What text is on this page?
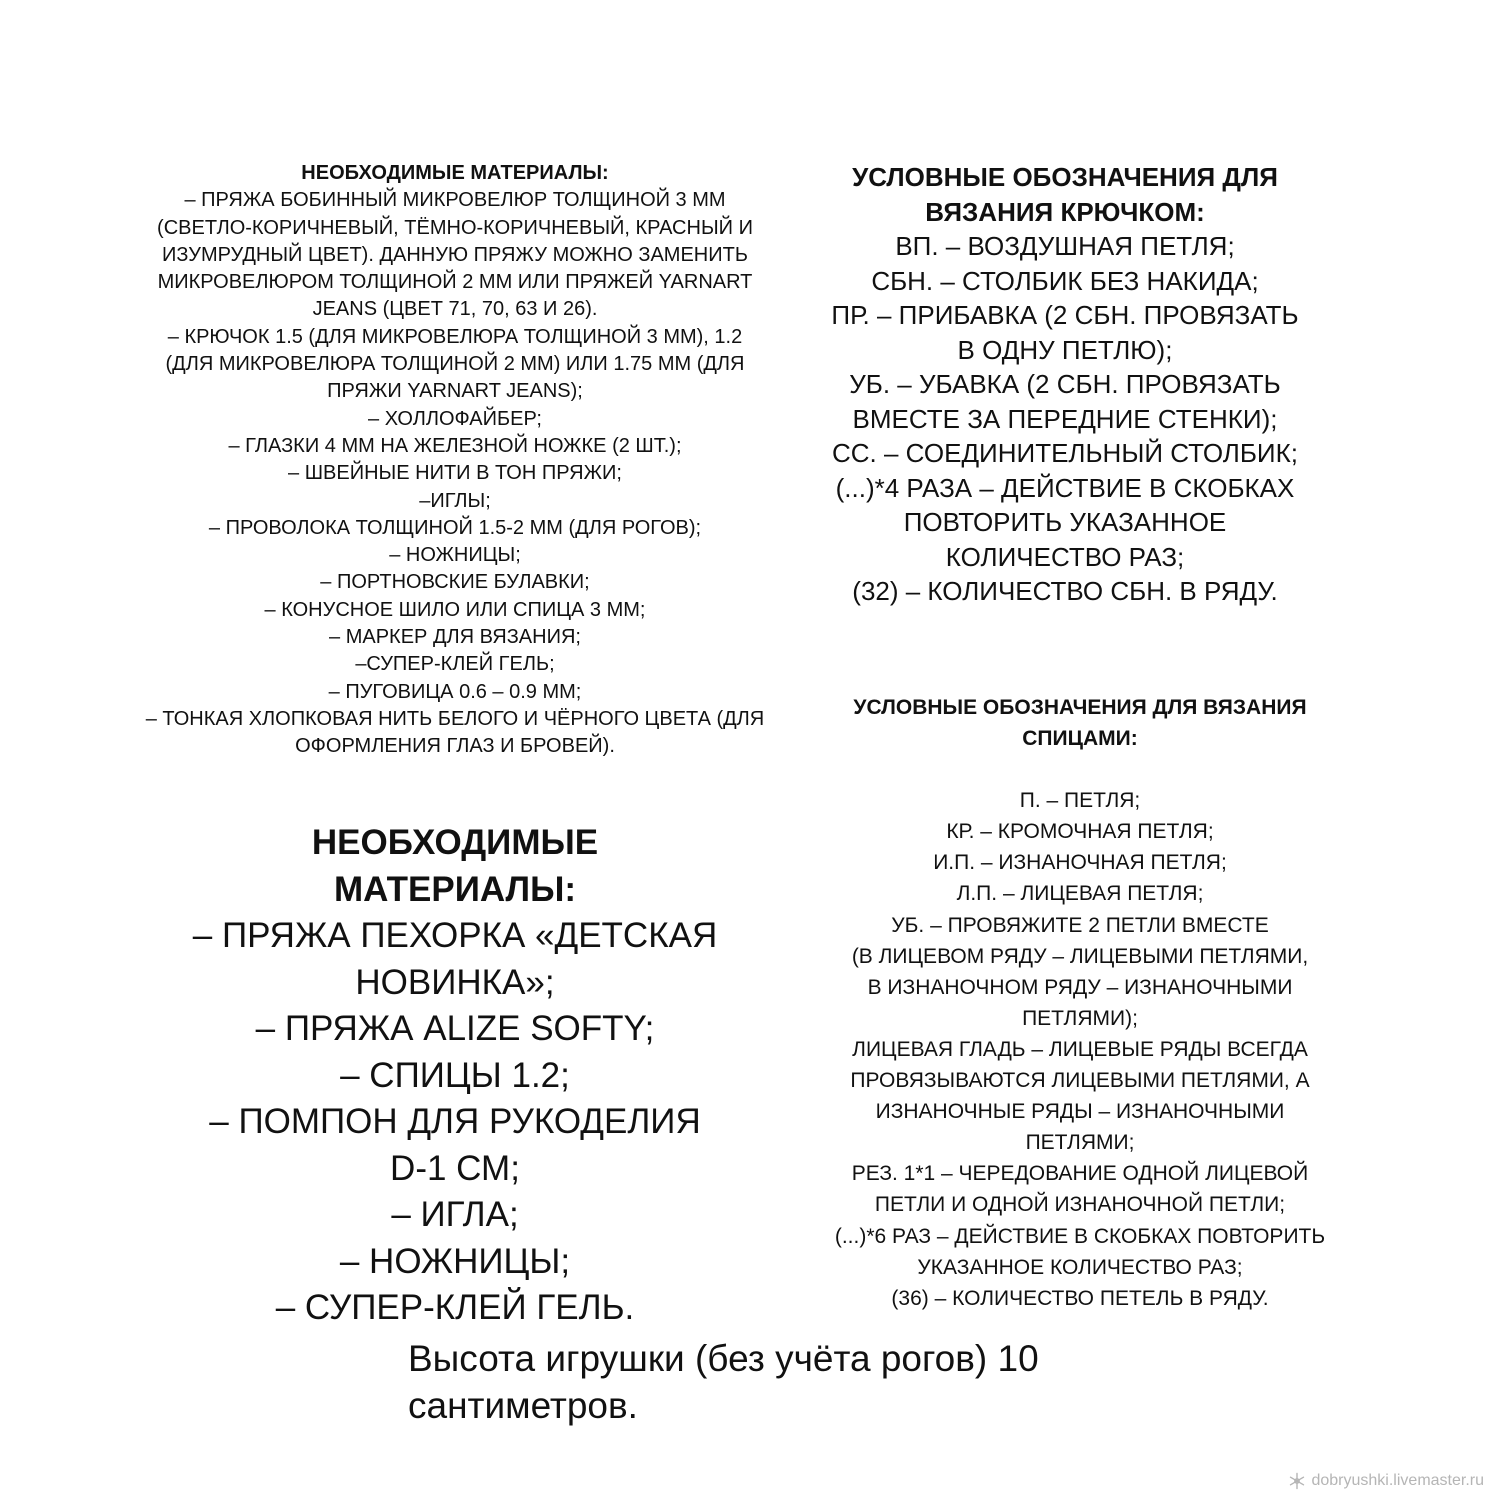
НЕОБХОДИМЫЕ МАТЕРИАЛЫ:
– ПРЯЖА БОБИННЫЙ МИКРОВЕЛЮР ТОЛЩИНОЙ 3 ММ
(СВЕТЛО-КОРИЧНЕВЫЙ, ТЁМНО-КОРИЧНЕВЫЙ, КРАСНЫЙ И
ИЗУМРУДНЫЙ ЦВЕТ). ДАННУЮ ПРЯЖУ МОЖНО ЗАМЕНИТЬ
МИКРОВЕЛЮРОМ ТОЛЩИНОЙ 2 ММ ИЛИ ПРЯЖЕЙ YARNART
JEANS (ЦВЕТ 71, 70, 63 И 26).
– КРЮЧОК 1.5 (ДЛЯ МИКРОВЕЛЮРА ТОЛЩИНОЙ 3 ММ), 1.2
(ДЛЯ МИКРОВЕЛЮРА ТОЛЩИНОЙ 2 ММ) ИЛИ 1.75 ММ (ДЛЯ
ПРЯЖИ YARNART JEANS);
– ХОЛЛОФАЙБЕР;
– ГЛАЗКИ 4 ММ НА ЖЕЛЕЗНОЙ НОЖКЕ (2 ШТ.);
– ШВЕЙНЫЕ НИТИ В ТОН ПРЯЖИ;
–ИГЛЫ;
– ПРОВОЛОКА ТОЛЩИНОЙ 1.5-2 ММ (ДЛЯ РОГОВ);
– НОЖНИЦЫ;
– ПОРТНОВСКИЕ БУЛАВКИ;
– КОНУСНОЕ ШИЛО ИЛИ СПИЦА 3 ММ;
– МАРКЕР ДЛЯ ВЯЗАНИЯ;
–СУПЕР-КЛЕЙ ГЕЛЬ;
– ПУГОВИЦА 0.6 – 0.9 ММ;
– ТОНКАЯ ХЛОПКОВАЯ НИТЬ БЕЛОГО И ЧЁРНОГО ЦВЕТА (ДЛЯ
ОФОРМЛЕНИЯ ГЛАЗ И БРОВЕЙ).
НЕОБХОДИМЫЕ
МАТЕРИАЛЫ:
– ПРЯЖА ПЕХОРКА «ДЕТСКАЯ
НОВИНКА»;
– ПРЯЖА ALIZE SOFTY;
– СПИЦЫ 1.2;
– ПОМПОН ДЛЯ РУКОДЕЛИЯ
D-1 СМ;
– ИГЛА;
– НОЖНИЦЫ;
– СУПЕР-КЛЕЙ ГЕЛЬ.
УСЛОВНЫЕ ОБОЗНАЧЕНИЯ ДЛЯ
ВЯЗАНИЯ КРЮЧКОМ:
ВП. – ВОЗДУШНАЯ ПЕТЛЯ;
СБН. – СТОЛБИК БЕЗ НАКИДА;
ПР. – ПРИБАВКА (2 СБН. ПРОВЯЗАТЬ
В ОДНУ ПЕТЛЮ);
УБ. – УБАВКА (2 СБН. ПРОВЯЗАТЬ
ВМЕСТЕ ЗА ПЕРЕДНИЕ СТЕНКИ);
СС. – СОЕДИНИТЕЛЬНЫЙ СТОЛБИК;
(...)*4 РАЗА – ДЕЙСТВИЕ В СКОБКАХ
ПОВТОРИТЬ УКАЗАННОЕ
КОЛИЧЕСТВО РАЗ;
(32) – КОЛИЧЕСТВО СБН. В РЯДУ.
УСЛОВНЫЕ ОБОЗНАЧЕНИЯ ДЛЯ ВЯЗАНИЯ
СПИЦАМИ:
П. – ПЕТЛЯ;
КР. – КРОМОЧНАЯ ПЕТЛЯ;
И.П. – ИЗНАНОЧНАЯ ПЕТЛЯ;
Л.П. – ЛИЦЕВАЯ ПЕТЛЯ;
УБ. – ПРОВЯЖИТЕ 2 ПЕТЛИ ВМЕСТЕ
(В ЛИЦЕВОМ РЯДУ – ЛИЦЕВЫМИ ПЕТЛЯМИ,
В ИЗНАНОЧНОМ РЯДУ – ИЗНАНОЧНЫМИ
ПЕТЛЯМИ);
ЛИЦЕВАЯ ГЛАДЬ – ЛИЦЕВЫЕ РЯДЫ ВСЕГДА
ПРОВЯЗЫВАЮТСЯ ЛИЦЕВЫМИ ПЕТЛЯМИ, А
ИЗНАНОЧНЫЕ РЯДЫ – ИЗНАНОЧНЫМИ
ПЕТЛЯМИ;
РЕЗ. 1*1 – ЧЕРЕДОВАНИЕ ОДНОЙ ЛИЦЕВОЙ
ПЕТЛИ И ОДНОЙ ИЗНАНОЧНОЙ ПЕТЛИ;
(...)*6 РАЗ – ДЕЙСТВИЕ В СКОБКАХ ПОВТОРИТЬ
УКАЗАННОЕ КОЛИЧЕСТВО РАЗ;
(36) – КОЛИЧЕСТВО ПЕТЕЛЬ В РЯДУ.
Высота игрушки (без учёта рогов) 10
сантиметров.
dobryushki.livemaster.ru
